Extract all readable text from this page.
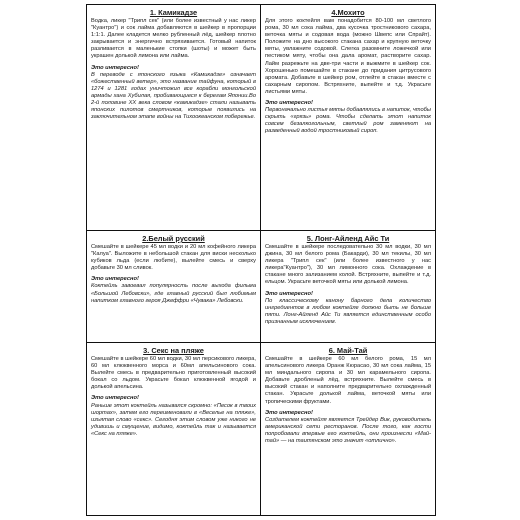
1. Камикадзе
Водка, ликер "Трипл сек" (или более известный у нас ликер "Куантро") и сок лайма добавляются в шейкер в пропорции 1:1:1. Далее кладется мелко рубленный лёд, шейкер плотно закрывается и энергично встряхивается. Готовый напиток разливается в маленькие стопки (шоты) и может быть украшен долькой лимона или лайма.
Это интересно!
В переводе с японского языка «Камикадзе» означает «божественный ветер», это название тайфуна, который в 1274 и 1281 годах уничтожил все корабли монгольской армады хана Хубилая, пробивающиеся к берегам Японии.Во 2-й половине XX века словом «камикадзе» стали называть японских пилотов смертников, которые появились на заключительном этапе войны на Тихоокеанском побережье.
4.Мохито
Для этого коктейля вам понадобится 80-100 мл светлого рома, 30 мл сока лайма, два кусочка тростникового сахара, веточка мяты и содовая вода (можно Швепс или Спрайт). Положите на дно высокого стакана сахар и крупную веточку мяты, увлажните содовой. Слегка разомните ложечкой или пестиком мяту, чтобы она дала аромат, растворите сахар. Лайм разрежьте на две-три части и выжмите в шейкер сок. Хорошенько помешайте в стакане до придания цитрусового аромата. Добавьте в шейкер ром, отлейте в стакан вместе с сахарным сиропом. Встряхните, выпейте и т.д. Украсьте листьями мяты.
Это интересно!
Первоначально листья мяты добавлялись в напиток, чтобы скрыть «грязь» рома. Чтобы сделать этот напиток совсем безалкогольным, светлый ром заменяют на разведенный водой тростниковый сироп.
2.Белый русский
Смешайте в шейкере 45 мл водки и 20 мл кофейного ликера "Калуа". Выложите в небольшой стакан для виски несколько кубиков льда (если любите), вылейте смесь и сверху добавьте 30 мл сливок.
Это интересно!
Коктейль завоевал популярность после выхода фильма «Большой Лебовски», где главный русский был любимым напитком главного героя Джеффри «Чувака» Лебовски.
5. Лонг-Айленд Айс Ти
Смешайте в шейкере последовательно 30 мл водки, 30 мл джина, 30 мл белого рома (Бакарди), 30 мл текилы, 30 мл ликера "Трипл сек" (или более известного у нас ликера"Куантро"), 30 мл лимонного сока. Охлаждение в стакане много зализанием колой. Встряхните, выпейте и т.д. ельцом. Украсьте веточкой мяты или долькой лимона.
Это интересно!
По классическому канону барного дела количество ингредиентов в любом коктейле должно быть не больше пяти. Лонг-Айленд Айс Ти является единственным особо признанным исключением.
3. Секс на пляже
Смешайте в шейкере 60 мл водки, 30 мл персикового ликера, 60 мл клюквенного морса и 60мл апельсинового сока. Вылейте смесь в предварительно приготовленный высокий бокал со льдом. Украсьте бокал клюквенной ягодой и долькой апельсина.
Это интересно!
Раньше этот коктейль назывался скромно: «Песок в твоих шортах», затем его переименовали в «Веселье на пляже», изъятая слово «секс». Сегодня этим словом уже никого не удивишь и смущение, видимо, коктейль так и называется «Секс на пляже».
6. Май-Тай
Смешайте в шейкере 60 мл белого рома, 15 мл апельсинового ликера Оранж Кюрасао, 30 мл сока лайма, 15 мл миндального сиропа и 30 мл карамельного сиропа. Добавьте дробленый лёд, встряхните. Вылейте смесь в высокий стакан и наполните предварительно охлажденный стакан. Украсьте долькой лайма, веточкой мяты или тропическими фруктами.
Это интересно!
Создателем коктейля является Трейдер Вик, руководитель американской сети ресторанов. После того, как гости попробовали впервые его коктейль, они произнесли «Май-тай» — на таитянском это значит «отлично».
